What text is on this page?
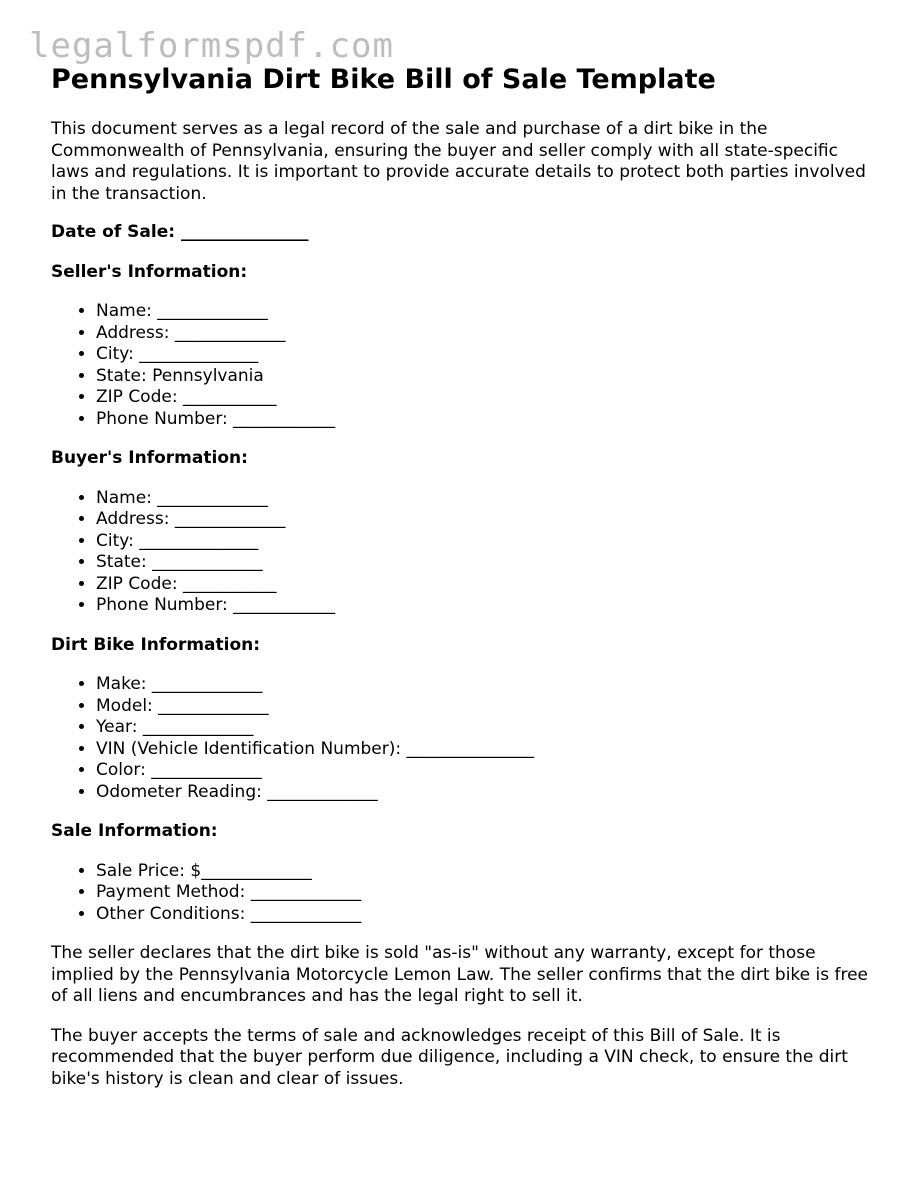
legalformspdf.com
Pennsylvania Dirt Bike Bill of Sale Template

This document serves as a legal record of the sale and purchase of a dirt bike in the Commonwealth of Pennsylvania, ensuring the buyer and seller comply with all state-specific laws and regulations. It is important to provide accurate details to protect both parties involved in the transaction.

Date of Sale: _______________

Seller's Information:

• Name: _____________
• Address: _____________
• City: ______________
• State: Pennsylvania
• ZIP Code: ___________
• Phone Number: ____________

Buyer's Information:

• Name: _____________
• Address: _____________
• City: ______________
• State: _____________
• ZIP Code: ___________
• Phone Number: ____________

Dirt Bike Information:

• Make: _____________
• Model: _____________
• Year: _____________
• VIN (Vehicle Identification Number): _______________
• Color: _____________
• Odometer Reading: _____________

Sale Information:

• Sale Price: $_____________
• Payment Method: _____________
• Other Conditions: _____________

The seller declares that the dirt bike is sold "as-is" without any warranty, except for those implied by the Pennsylvania Motorcycle Lemon Law. The seller confirms that the dirt bike is free of all liens and encumbrances and has the legal right to sell it.

The buyer accepts the terms of sale and acknowledges receipt of this Bill of Sale. It is recommended that the buyer perform due diligence, including a VIN check, to ensure the dirt bike's history is clean and clear of issues.
